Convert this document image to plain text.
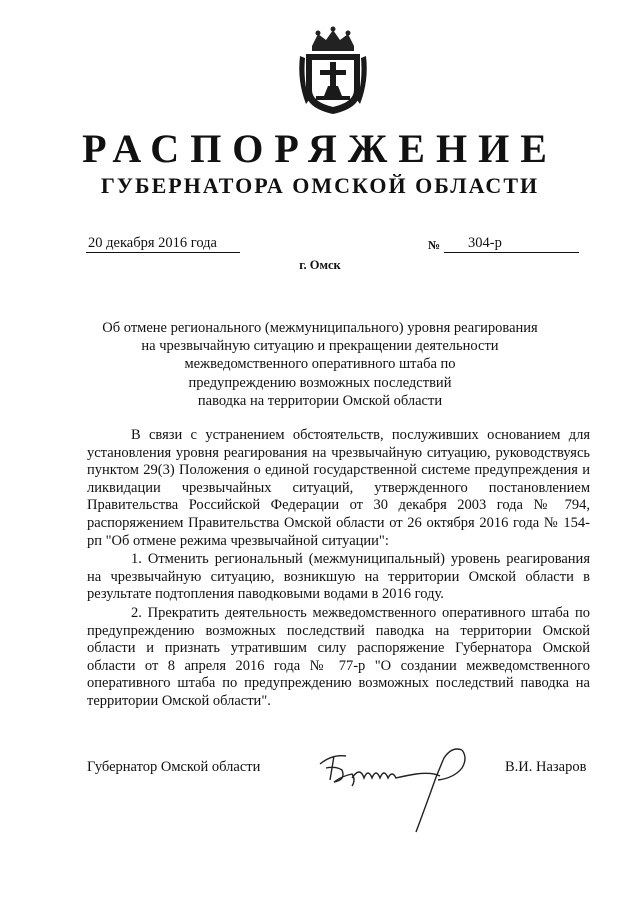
РАСПОРЯЖЕНИЕ
ГУБЕРНАТОРА ОМСКОЙ ОБЛАСТИ
20 декабря 2016 года	№	304-р
г. Омск
Об отмене регионального (межмуниципального) уровня реагирования
на чрезвычайную ситуацию и прекращении деятельности
межведомственного оперативного штаба по
предупреждению возможных последствий
паводка на территории Омской области

В связи с устранением обстоятельств, послуживших основанием для установления уровня реагирования на чрезвычайную ситуацию, руководствуясь пунктом 29(3) Положения о единой государственной системе предупреждения и ликвидации чрезвычайных ситуаций, утвержденного постановлением Правительства Российской Федерации от 30 декабря 2003 года № 794, распоряжением Правительства Омской области от 26 октября 2016 года № 154-рп "Об отмене режима чрезвычайной ситуации":

1. Отменить региональный (межмуниципальный) уровень реагирования на чрезвычайную ситуацию, возникшую на территории Омской области в результате подтопления паводковыми водами в 2016 году.

2. Прекратить деятельность межведомственного оперативного штаба по предупреждению возможных последствий паводка на территории Омской области и признать утратившим силу распоряжение Губернатора Омской области от 8 апреля 2016 года № 77-р "О создании межведомственного оперативного штаба по предупреждению возможных последствий паводка на территории Омской области".

Губернатор Омской области	В.И. Назаров
